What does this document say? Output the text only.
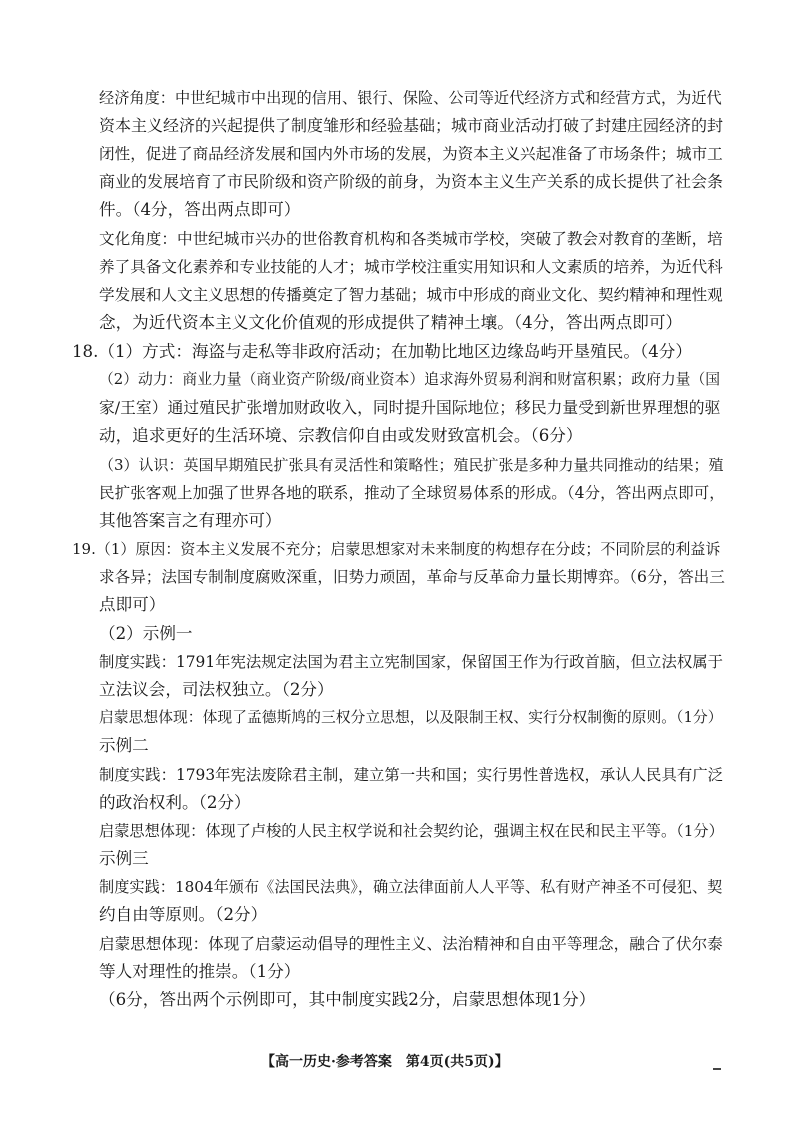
经济角度：中世纪城市中出现的信用、银行、保险、公司等近代经济方式和经营方式，为近代
资本主义经济的兴起提供了制度雏形和经验基础；城市商业活动打破了封建庄园经济的封
闭性，促进了商品经济发展和国内外市场的发展，为资本主义兴起准备了市场条件；城市工
商业的发展培育了市民阶级和资产阶级的前身，为资本主义生产关系的成长提供了社会条
件。（4分，答出两点即可）
文化角度：中世纪城市兴办的世俗教育机构和各类城市学校，突破了教会对教育的垄断，培
养了具备文化素养和专业技能的人才；城市学校注重实用知识和人文素质的培养，为近代科
学发展和人文主义思想的传播奠定了智力基础；城市中形成的商业文化、契约精神和理性观
念，为近代资本主义文化价值观的形成提供了精神土壤。（4分，答出两点即可）
18.（1）方式：海盗与走私等非政府活动；在加勒比地区边缘岛屿开垦殖民。（4分）
（2）动力：商业力量（商业资产阶级/商业资本）追求海外贸易利润和财富积累；政府力量（国
家/王室）通过殖民扩张增加财政收入，同时提升国际地位；移民力量受到新世界理想的驱
动，追求更好的生活环境、宗教信仰自由或发财致富机会。（6分）
（3）认识：英国早期殖民扩张具有灵活性和策略性；殖民扩张是多种力量共同推动的结果；殖
民扩张客观上加强了世界各地的联系，推动了全球贸易体系的形成。（4分，答出两点即可，
其他答案言之有理亦可）
19.（1）原因：资本主义发展不充分；启蒙思想家对未来制度的构想存在分歧；不同阶层的利益诉
求各异；法国专制制度腐败深重，旧势力顽固，革命与反革命力量长期博弈。（6分，答出三
点即可）
（2）示例一
制度实践：1791年宪法规定法国为君主立宪制国家，保留国王作为行政首脑，但立法权属于
立法议会，司法权独立。（2分）
启蒙思想体现：体现了孟德斯鸠的三权分立思想，以及限制王权、实行分权制衡的原则。（1分）
示例二
制度实践：1793年宪法废除君主制，建立第一共和国；实行男性普选权，承认人民具有广泛
的政治权利。（2分）
启蒙思想体现：体现了卢梭的人民主权学说和社会契约论，强调主权在民和民主平等。（1分）
示例三
制度实践：1804年颁布《法国民法典》，确立法律面前人人平等、私有财产神圣不可侵犯、契
约自由等原则。（2分）
启蒙思想体现：体现了启蒙运动倡导的理性主义、法治精神和自由平等理念，融合了伏尔泰
等人对理性的推崇。（1分）
（6分，答出两个示例即可，其中制度实践2分，启蒙思想体现1分）
【高一历史·参考答案　第4页(共5页)】
